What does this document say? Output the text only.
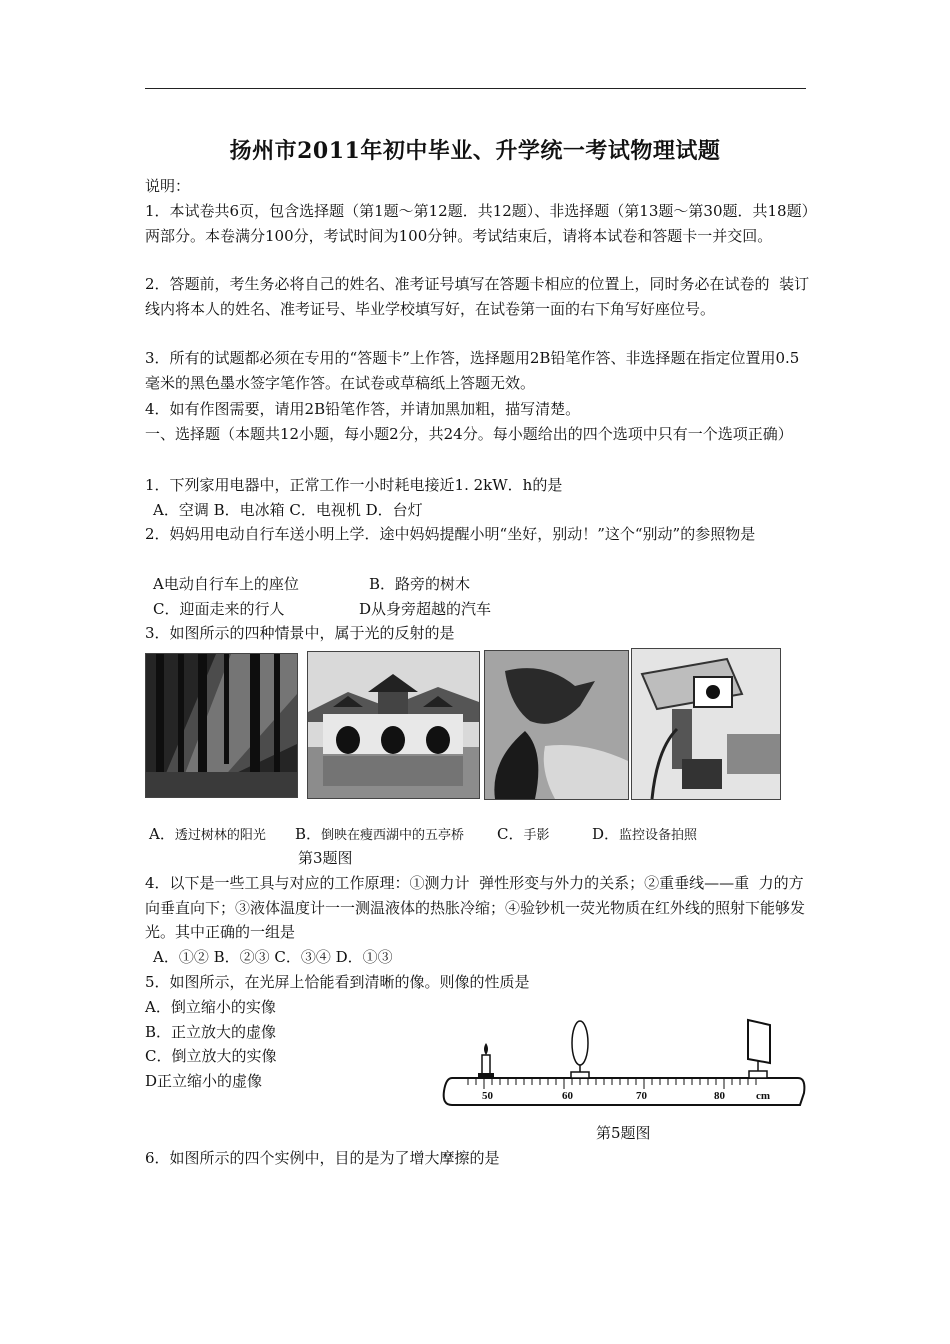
扬州市2011年初中毕业、升学统一考试物理试题
说明：
1．本试卷共6页，包含选择题（第1题～第12题．共12题）、非选择题（第13题～第30题．共18题）两部分。本卷满分100分，考试时间为100分钟。考试结束后，请将本试卷和答题卡一并交回。
2．答题前，考生务必将自己的姓名、准考证号填写在答题卡相应的位置上，同时务必在试卷的  装订线内将本人的姓名、准考证号、毕业学校填写好，在试卷第一面的右下角写好座位号。
3．所有的试题都必须在专用的“答题卡”上作答，选择题用2B铅笔作答、非选择题在指定位置用0.5毫米的黑色墨水签字笔作答。在试卷或草稿纸上答题无效。
4．如有作图需要，请用2B铅笔作答，并请加黑加粗，描写清楚。
一、选择题（本题共12小题，每小题2分，共24分。每小题给出的四个选项中只有一个选项正确）
1．下列家用电器中，正常工作一小时耗电接近1. 2kW．h的是
A．空调 B．电冰箱 C．电视机 D．台灯
2．妈妈用电动自行车送小明上学．途中妈妈提醒小明“坐好，别动！”这个“别动”的参照物是
A电动自行车上的座位	B．路旁的树木
C．迎面走来的行人	D从身旁超越的汽车
3．如图所示的四种情景中，属于光的反射的是
A．透过树林的阳光 B．倒映在瘦西湖中的五亭桥 C．手影	D．监控设备拍照
第3题图
4．以下是一些工具与对应的工作原理：①测力计  弹性形变与外力的关系；②重垂线——重  力的方向垂直向下；③液体温度计一一测温液体的热胀冷缩；④验钞机一荧光物质在红外线的照射下能够发光。其中正确的一组是
A．①② B．②③ C．③④ D．①③
5．如图所示，在光屏上恰能看到清晰的像。则像的性质是
A．倒立缩小的实像
B．正立放大的虚像
C．倒立放大的实像
D正立缩小的虚像
50	60	70	80	cm
第5题图
6．如图所示的四个实例中，目的是为了增大摩擦的是
